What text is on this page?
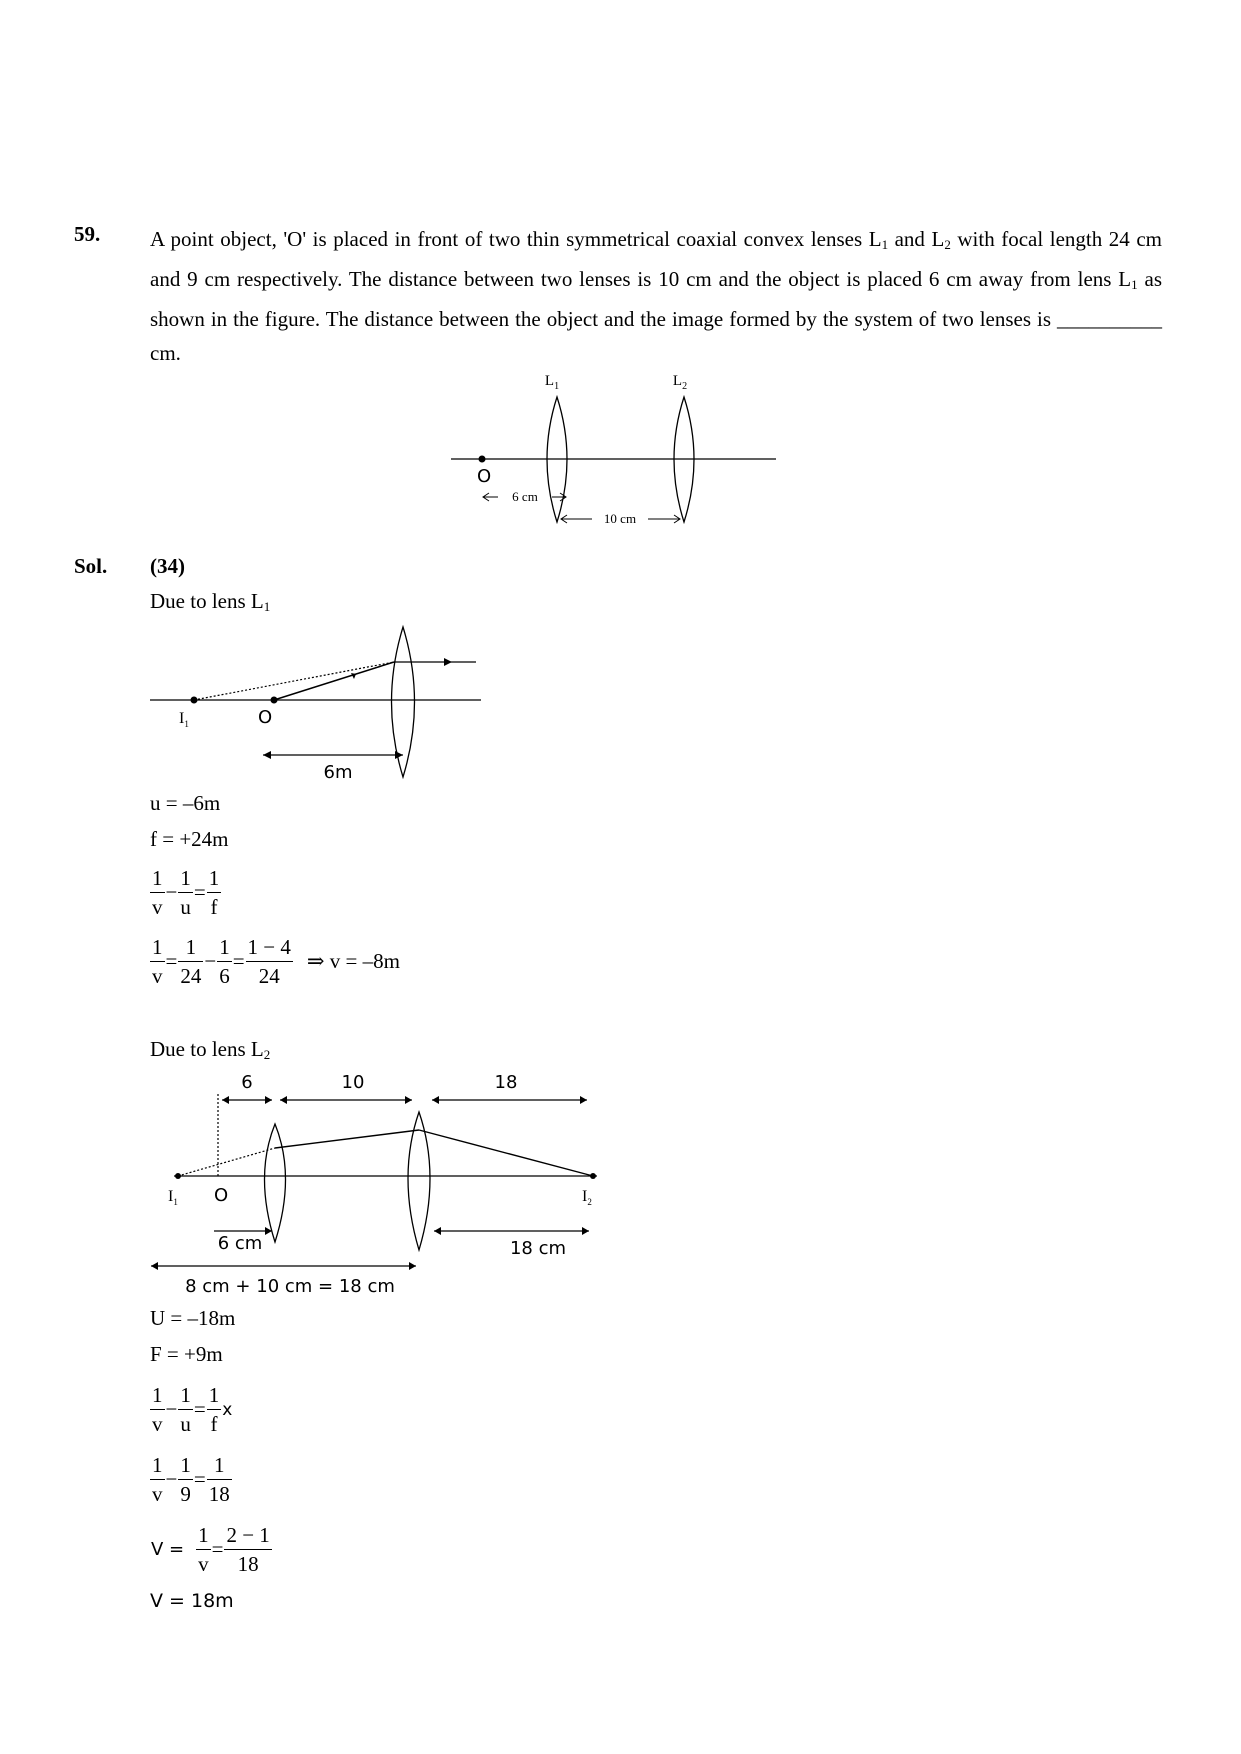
59. A point object, 'O' is placed in front of two thin symmetrical coaxial convex lenses $L_1$ and $L_2$ with focal length 24 cm and 9 cm respectively. The distance between two lenses is 10 cm and the object is placed 6 cm away from lens $L_1$ as shown in the figure. The distance between the object and the image formed by the system of two lenses is __________ cm.
$L_1$	$L_2$
O
6 cm
10 cm
Sol. (34)
Due to lens $L_1$
$I_1$	O
6m
u = –6m
f = +24m
$\frac{1}{v} - \frac{1}{u} = \frac{1}{f}$
$\frac{1}{v} = \frac{1}{24} - \frac{1}{6} = \frac{1 - 4}{24}$ ⇒ v = –8m
Due to lens $L_2$
6	10	18
$I_1$ O	$I_2$
6 cm	18 cm
8 cm + 10 cm = 18 cm
U = –18m
F = +9m
$\frac{1}{v} - \frac{1}{u} = \frac{1}{f}$ x
$\frac{1}{v} - \frac{1}{9} = \frac{1}{18}$
$V = \frac{1}{v} = \frac{2 - 1}{18}$
V = 18m
